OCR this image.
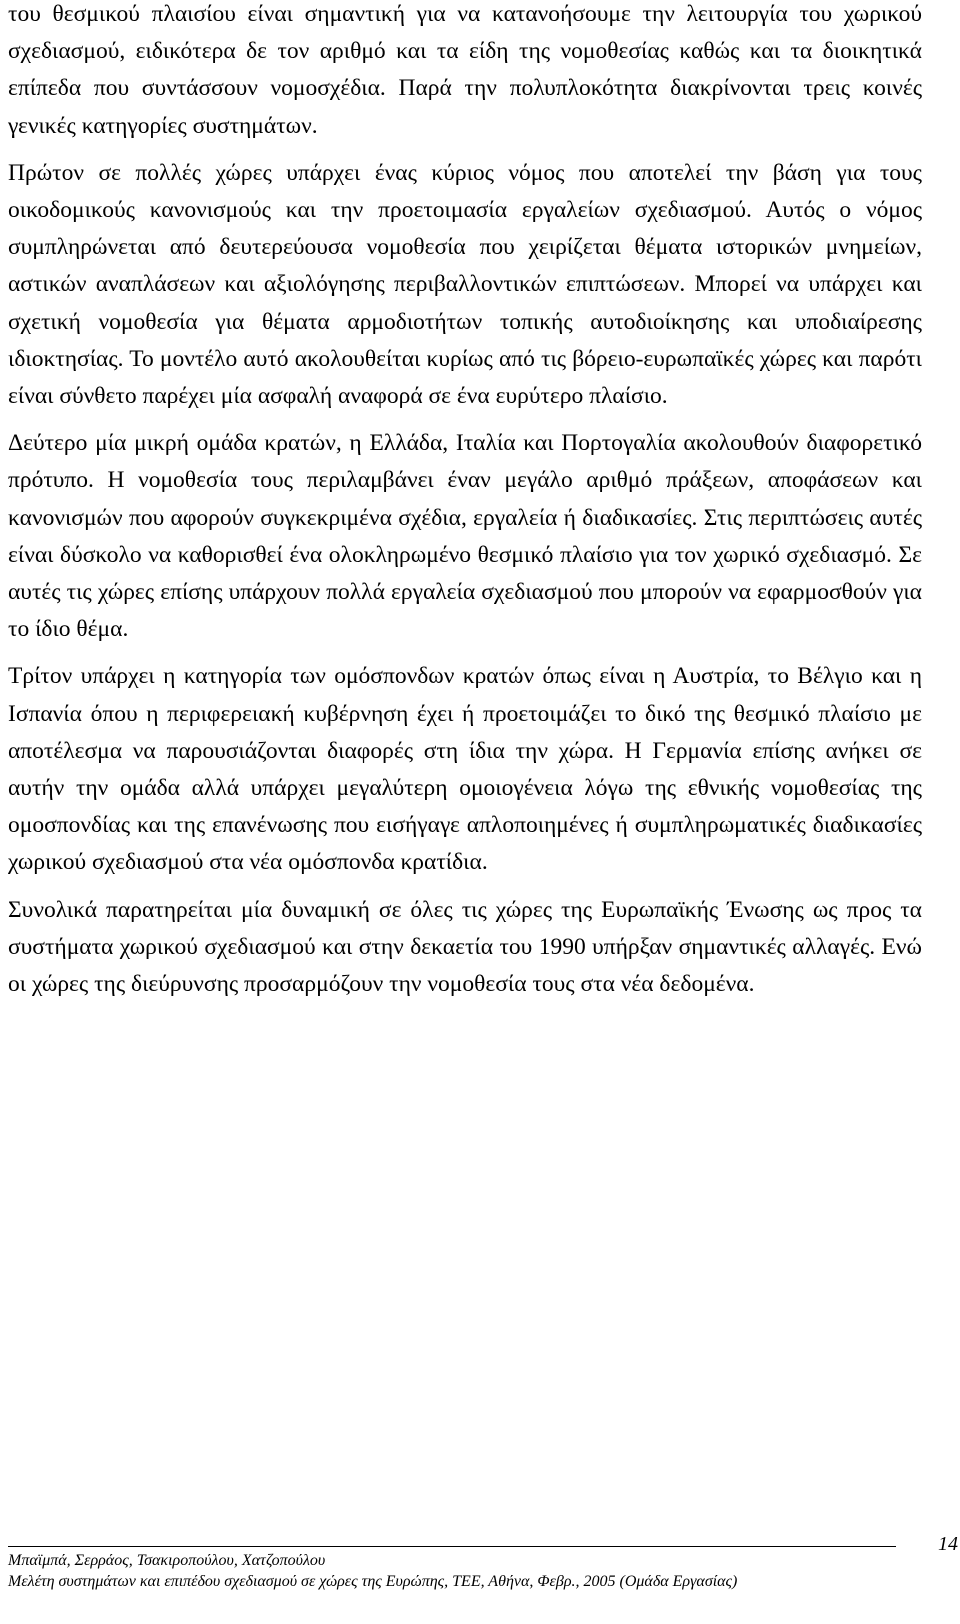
του θεσμικού πλαισίου είναι σημαντική για να κατανοήσουμε την λειτουργία του χωρικού σχεδιασμού, ειδικότερα δε τον αριθμό και τα είδη της νομοθεσίας καθώς και τα διοικητικά επίπεδα που συντάσσουν νομοσχέδια. Παρά την πολυπλοκότητα διακρίνονται τρεις κοινές γενικές κατηγορίες συστημάτων.

Πρώτον σε πολλές χώρες υπάρχει ένας κύριος νόμος που αποτελεί την βάση για τους οικοδομικούς κανονισμούς και την προετοιμασία εργαλείων σχεδιασμού. Αυτός ο νόμος συμπληρώνεται από δευτερεύουσα νομοθεσία που χειρίζεται θέματα ιστορικών μνημείων, αστικών αναπλάσεων και αξιολόγησης περιβαλλοντικών επιπτώσεων. Μπορεί να υπάρχει και σχετική νομοθεσία για θέματα αρμοδιοτήτων τοπικής αυτοδιοίκησης και υποδιαίρεσης ιδιοκτησίας. Το μοντέλο αυτό ακολουθείται κυρίως από τις βόρειο-ευρωπαϊκές χώρες και παρότι είναι σύνθετο παρέχει μία ασφαλή αναφορά σε ένα ευρύτερο πλαίσιο.

Δεύτερο μία μικρή ομάδα κρατών, η Ελλάδα, Ιταλία και Πορτογαλία ακολουθούν διαφορετικό πρότυπο. Η νομοθεσία τους περιλαμβάνει έναν μεγάλο αριθμό πράξεων, αποφάσεων και κανονισμών που αφορούν συγκεκριμένα σχέδια, εργαλεία ή διαδικασίες. Στις περιπτώσεις αυτές είναι δύσκολο να καθορισθεί ένα ολοκληρωμένο θεσμικό πλαίσιο για τον χωρικό σχεδιασμό. Σε αυτές τις χώρες επίσης υπάρχουν πολλά εργαλεία σχεδιασμού που μπορούν να εφαρμοσθούν για το ίδιο θέμα.

Τρίτον υπάρχει η κατηγορία των ομόσπονδων κρατών όπως είναι η Αυστρία, το Βέλγιο και η Ισπανία όπου η περιφερειακή κυβέρνηση έχει ή προετοιμάζει το δικό της θεσμικό πλαίσιο με αποτέλεσμα να παρουσιάζονται διαφορές στη ίδια την χώρα. Η Γερμανία επίσης ανήκει σε αυτήν την ομάδα αλλά υπάρχει μεγαλύτερη ομοιογένεια λόγω της εθνικής νομοθεσίας της ομοσπονδίας και της επανένωσης που εισήγαγε απλοποιημένες ή συμπληρωματικές διαδικασίες χωρικού σχεδιασμού στα νέα ομόσπονδα κρατίδια.

Συνολικά παρατηρείται μία δυναμική σε όλες τις χώρες της Ευρωπαϊκής Ένωσης ως προς τα συστήματα χωρικού σχεδιασμού και στην δεκαετία του 1990 υπήρξαν σημαντικές αλλαγές. Ενώ οι χώρες της διεύρυνσης προσαρμόζουν την νομοθεσία τους στα νέα δεδομένα.

Μπαϊμπά, Σερράος, Τσακιροπούλου, Χατζοπούλου

Μελέτη συστημάτων και επιπέδου σχεδιασμού σε χώρες της Ευρώπης, ΤΕΕ, Αθήνα, Φεβρ., 2005 (Ομάδα Εργασίας)

14
